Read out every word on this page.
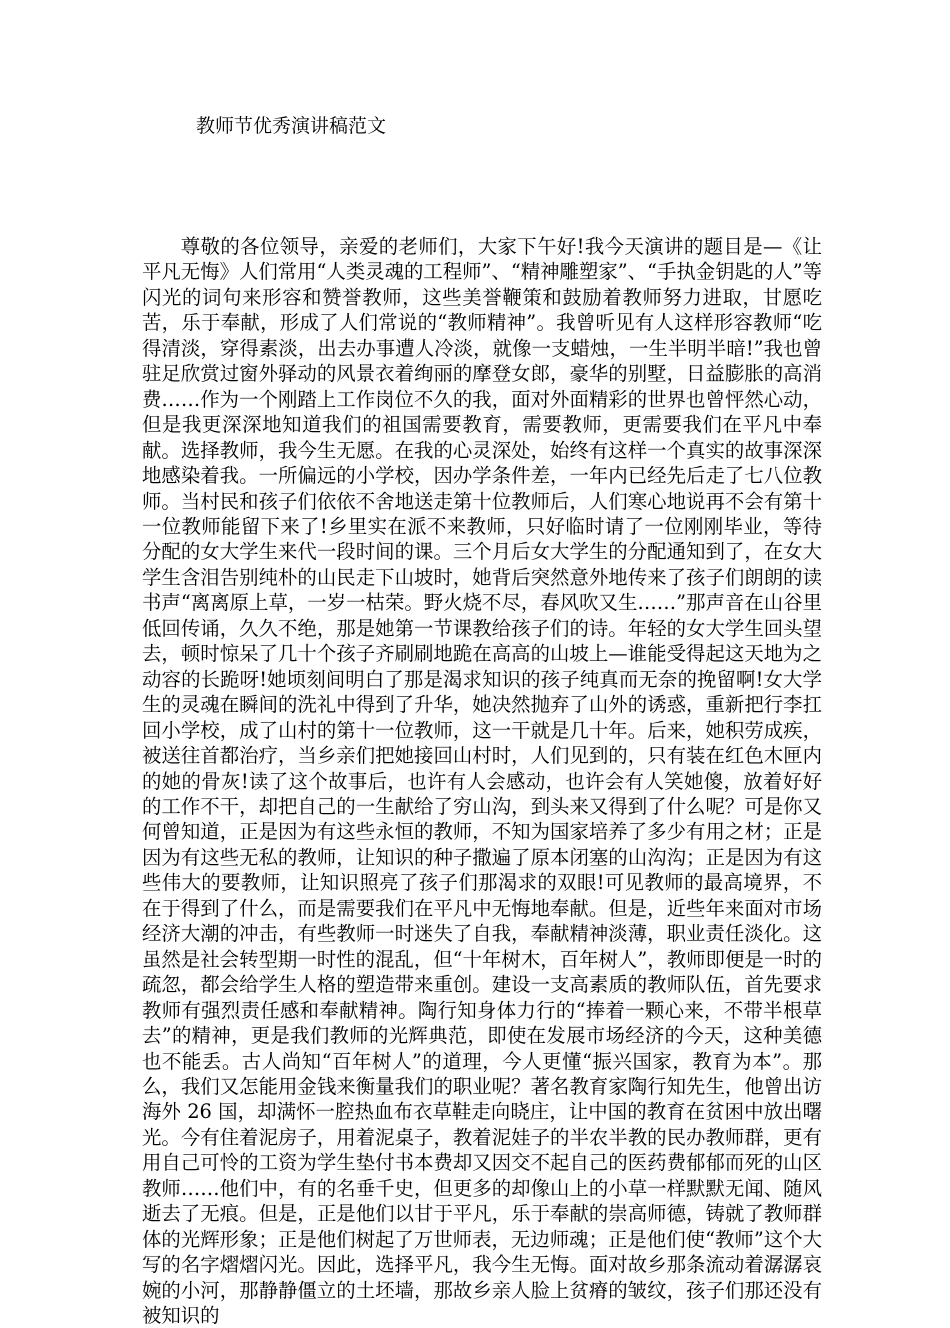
教师节优秀演讲稿范文
尊敬的各位领导，亲爱的老师们，大家下午好!我今天演讲的题目是—《让平凡无悔》人们常用“人类灵魂的工程师”、“精神雕塑家”、“手执金钥匙的人”等闪光的词句来形容和赞誉教师，这些美誉鞭策和鼓励着教师努力进取，甘愿吃苦，乐于奉献，形成了人们常说的“教师精神”。我曾听见有人这样形容教师“吃得清淡，穿得素淡，出去办事遭人冷淡，就像一支蜡烛，一生半明半暗!”我也曾驻足欣赏过窗外驿动的风景衣着绚丽的摩登女郎，豪华的别墅，日益膨胀的高消费……作为一个刚踏上工作岗位不久的我，面对外面精彩的世界也曾怦然心动，但是我更深深地知道我们的祖国需要教育，需要教师，更需要我们在平凡中奉献。选择教师，我今生无愿。在我的心灵深处，始终有这样一个真实的故事深深地感染着我。一所偏远的小学校，因办学条件差，一年内已经先后走了七八位教师。当村民和孩子们依依不舍地送走第十位教师后，人们寒心地说再不会有第十一位教师能留下来了!乡里实在派不来教师，只好临时请了一位刚刚毕业，等待分配的女大学生来代一段时间的课。三个月后女大学生的分配通知到了，在女大学生含泪告别纯朴的山民走下山坡时，她背后突然意外地传来了孩子们朗朗的读书声“离离原上草，一岁一枯荣。野火烧不尽，春风吹又生……”那声音在山谷里低回传诵，久久不绝，那是她第一节课教给孩子们的诗。年轻的女大学生回头望去，顿时惊呆了几十个孩子齐刷刷地跪在高高的山坡上—谁能受得起这天地为之动容的长跪呀!她顷刻间明白了那是渴求知识的孩子纯真而无奈的挽留啊!女大学生的灵魂在瞬间的洗礼中得到了升华，她决然抛弃了山外的诱惑，重新把行李扛回小学校，成了山村的第十一位教师，这一干就是几十年。后来，她积劳成疾，被送往首都治疗，当乡亲们把她接回山村时，人们见到的，只有装在红色木匣内的她的骨灰!读了这个故事后，也许有人会感动，也许会有人笑她傻，放着好好的工作不干，却把自己的一生献给了穷山沟，到头来又得到了什么呢？可是你又何曾知道，正是因为有这些永恒的教师，不知为国家培养了多少有用之材；正是因为有这些无私的教师，让知识的种子撒遍了原本闭塞的山沟沟；正是因为有这些伟大的要教师，让知识照亮了孩子们那渴求的双眼!可见教师的最高境界，不在于得到了什么，而是需要我们在平凡中无悔地奉献。但是，近些年来面对市场经济大潮的冲击，有些教师一时迷失了自我，奉献精神淡薄，职业责任淡化。这虽然是社会转型期一时性的混乱，但“十年树木，百年树人”，教师即便是一时的疏忽，都会给学生人格的塑造带来重创。建设一支高素质的教师队伍，首先要求教师有强烈责任感和奉献精神。陶行知身体力行的“捧着一颗心来，不带半根草去”的精神，更是我们教师的光辉典范，即使在发展市场经济的今天，这种美德也不能丢。古人尚知“百年树人”的道理，今人更懂“振兴国家，教育为本”。那么，我们又怎能用金钱来衡量我们的职业呢？著名教育家陶行知先生，他曾出访海外 26 国，却满怀一腔热血布衣草鞋走向晓庄，让中国的教育在贫困中放出曙光。今有住着泥房子，用着泥桌子，教着泥娃子的半农半教的民办教师群，更有用自己可怜的工资为学生垫付书本费却又因交不起自己的医药费郁郁而死的山区教师……他们中，有的名垂千史，但更多的却像山上的小草一样默默无闻、随风逝去了无痕。但是，正是他们以甘于平凡，乐于奉献的崇高师德，铸就了教师群体的光辉形象；正是他们树起了万世师表，无边师魂；正是他们使“教师”这个大写的名字熠熠闪光。因此，选择平凡，我今生无悔。面对故乡那条流动着潺潺哀婉的小河，那静静僵立的土坯墙，那故乡亲人脸上贫瘠的皱纹，孩子们那还没有被知识的
